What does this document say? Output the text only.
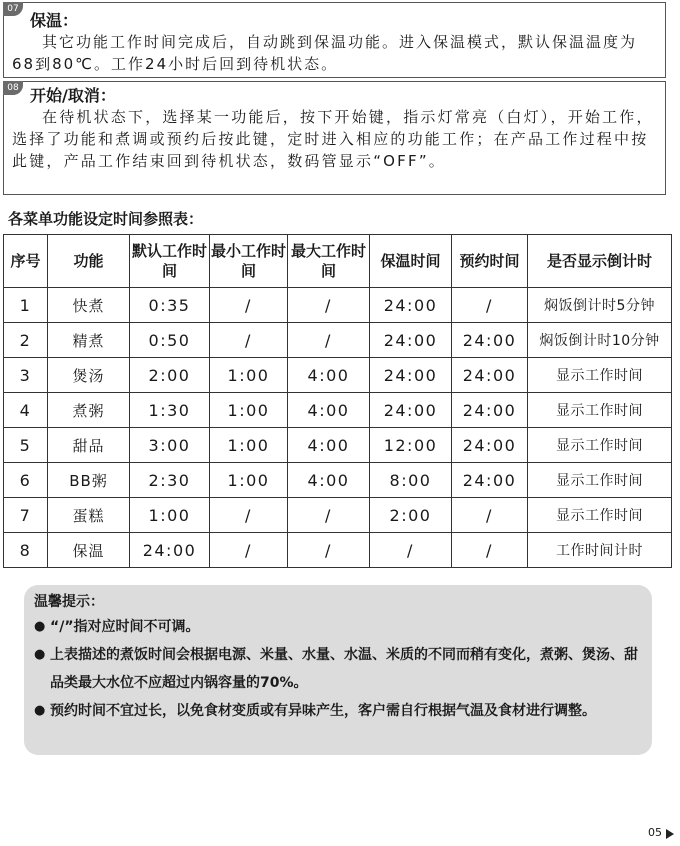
07
保温：
其它功能工作时间完成后，自动跳到保温功能。进入保温模式，默认保温温度为68到80℃。工作24小时后回到待机状态。
08 开始/取消：
在待机状态下，选择某一功能后，按下开始键，指示灯常亮（白灯），开始工作，选择了功能和煮调或预约后按此键，定时进入相应的功能工作；在产品工作过程中按此键，产品工作结束回到待机状态，数码管显示“OFF”。
各菜单功能设定时间参照表：
序号	功能	默认工作时间	最小工作时间	最大工作时间	保温时间	预约时间	是否显示倒计时
1	快煮	0:35	/	/	24:00	/	焖饭倒计时5分钟
2	精煮	0:50	/	/	24:00	24:00	焖饭倒计时10分钟
3	煲汤	2:00	1:00	4:00	24:00	24:00	显示工作时间
4	煮粥	1:30	1:00	4:00	24:00	24:00	显示工作时间
5	甜品	3:00	1:00	4:00	12:00	24:00	显示工作时间
6	BB粥	2:30	1:00	4:00	8:00	24:00	显示工作时间
7	蛋糕	1:00	/	/	2:00	/	显示工作时间
8	保温	24:00	/	/	/	/	工作时间计时
温馨提示：
● “/”指对应时间不可调。
● 上表描述的煮饭时间会根据电源、米量、水量、水温、米质的不同而稍有变化，煮粥、煲汤、甜品类最大水位不应超过内锅容量的70%。
● 预约时间不宜过长，以免食材变质或有异味产生，客户需自行根据气温及食材进行调整。
05
